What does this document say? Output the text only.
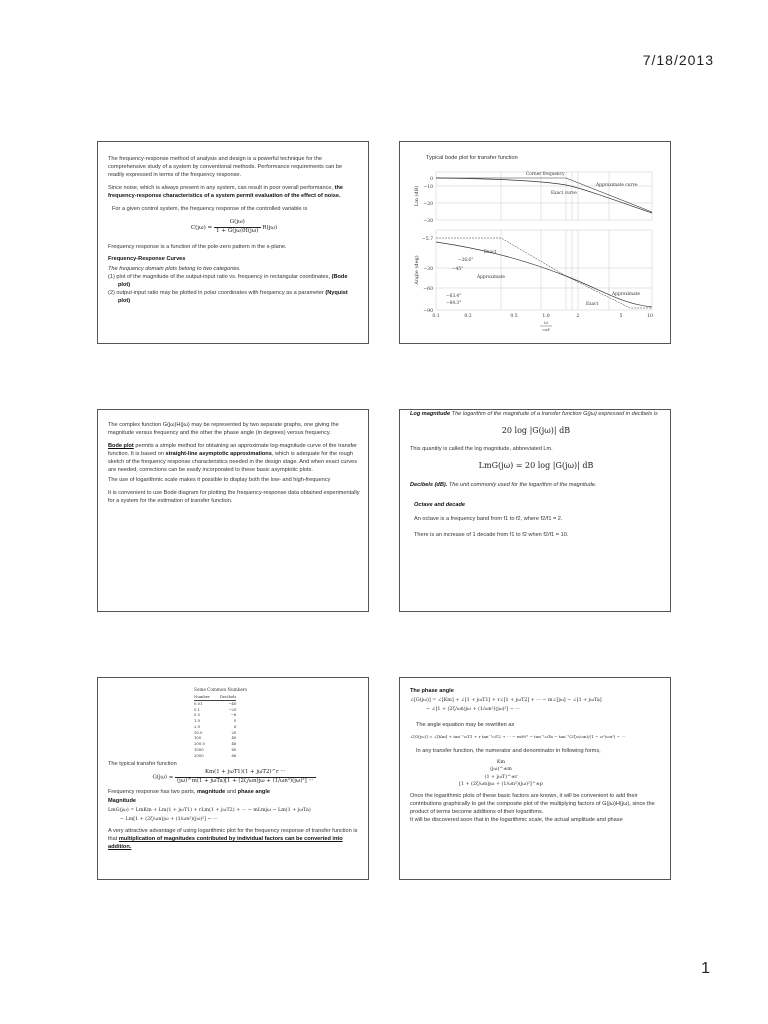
7/18/2013

The frequency-response method of analysis and design is a powerful technique for the comprehensive study of a system by conventional methods. Performance requirements can be readily expressed in terms of the frequency response.

Since noise, which is always present in any system, can result in poor overall performance, the frequency-response characteristics of a system permit evaluation of the effect of noise.

For a given control system, the frequency response of the controlled variable is

$C(j\omega) = \frac{G(j\omega)}{1 + G(j\omega)H(j\omega)} R(j\omega)$

Frequency response is a function of the pole-zero pattern in the s-plane.

Frequency-Response Curves

The frequency domain plots belong to two categories.

(1) plot of the magnitude of the output-input ratio vs. frequency in rectangular coordinates, (Bode plot)

(2) output-input ratio may be plotted in polar coordinates with frequency as a parameter (Nyquist plot)

Typical bode plot for transfer function
0
−10
−20
−30
−5.7
−30
−60
−90
0.1	0.2	0.5	1.0	2	5	10
ω
ωcf
Lm (dB)
Angle (deg)
Corner frequency
Approximate curve
Exact curve
Exact
Approximate
Exact
Approximate
−26.6°
−45°
−63.4°
−84.3°

The complex function G(jω)H(jω) may be represented by two separate graphs, one giving the magnitude versus frequency and the other the phase angle (in degrees) versus frequency.

Bode plot permits a simple method for obtaining an approximate log-magnitude curve of the transfer function. It is based on straight-line asymptotic approximations, which is adequate for the rough sketch of the frequency response characteristics needed in the design stage. And when exact curves are needed, corrections can be easily incorporated to these basic asymptotic plots.

The use of logarithmic scale makes it possible to display both the low- and high-frequency

It is convenient to use Bode diagram for plotting the frequency-response data obtained experimentally for a system for the estimation of transfer function.

Log magnitude The logarithm of the magnitude of a transfer function G(jω) expressed in decibels is

20 log |G(jω)| dB

This quantity is called the log magnitude, abbreviated Lm.

LmG(jω) = 20 log |G(jω)| dB

Decibels (dB). The unit commonly used for the logarithm of the magnitude.

Octave and decade

An octave is a frequency band from f1 to f2, where f2/f1 = 2.

There is an increase of 1 decade from f1 to f2 when f2/f1 = 10.

Some Common Numbers
Number	Decibels
0.01	−40
0.1	−20
0.5	−6
1.0	0
2.0	6
10.0	20
100	40
200.0	46
1000	60
2000	66

The typical transfer function

$G(j\omega) = \frac{\text{Km(1 + jωT1)(1 + jωT2)\textasciicircum{}r ···}}{\text{(jω)\textasciicircum{}m(1 + jωTa)[1 + (2ζ/ωn)jω + (1/ωn²)(jω)²] ···}}$

Frequency response has two parts, magnitude and phase angle

Magnitude

LmG(jω) = LmKm + Lm(1 + jωT1) + rLm(1 + jωT2) + ··· − mLmjω − Lm(1 + jωTa)
− Lm[1 + (2ζ/ωn)jω + (1/ωn²)(jω)²] − ···

A very attractive advantage of using logarithmic plot for the frequency response of transfer function is that multiplication of magnitudes contributed by individual factors can be converted into addition.

The phase angle

∠[G(jω)] = ∠[Km] + ∠[1 + jωT1] + r∠[1 + jωT2] + ··· − m∠[jω] − ∠[1 + jωTa]
− ∠[1 + (2ζ/ωn)jω + (1/ωn²)(jω)²] − ···

The angle equation may be rewritten as

∠[G(jω)] = ∠[Km] + tan⁻¹ωT1 + r tan⁻¹ωT2 + ··· − m90° − tan⁻¹ωTa − tan⁻¹(2ζω/ωn)/(1 − ω²/ωn²) − ···

In any transfer function, the numerator and denominator in following forms,

Km
(jω)^±m
(1 + jωT)^±r
[1 + (2ζ/ωn)jω + (1/ωn²)(jω)²]^±p

Once the logarithmic plots of these basic factors are known, it will be convenient to add their contributions graphically to get the composite plot of the multiplying factors of G(jω)H(jω), since the product of terms become additions of their logarithms.

It will be discovered soon that in the logarithmic scale, the actual amplitude and phase

1
